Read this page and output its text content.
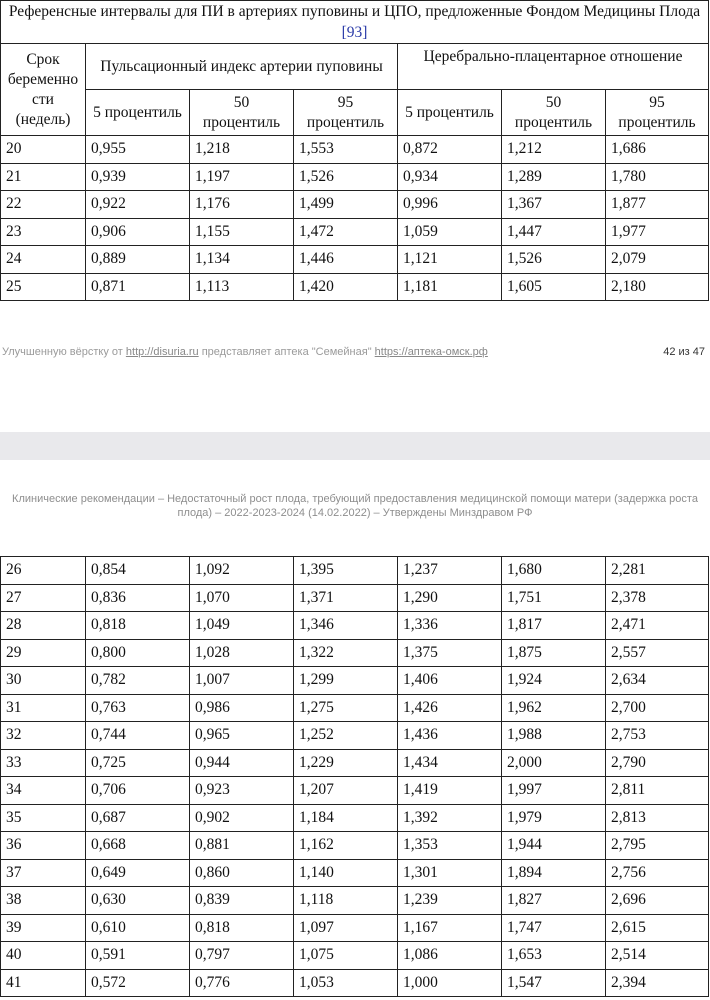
Референсные интервалы для ПИ в артериях пуповины и ЦПО, предложенные Фондом Медицины Плода [93]						
Срок
беременно
сти
(недель)	Пульсационный индекс артерии пуповины			Церебрально-плацентарное отношение		
	5 процентиль	50 процентиль	95 процентиль	5 процентиль	50 процентиль	95 процентиль
20	0,955	1,218	1,553	0,872	1,212	1,686
21	0,939	1,197	1,526	0,934	1,289	1,780
22	0,922	1,176	1,499	0,996	1,367	1,877
23	0,906	1,155	1,472	1,059	1,447	1,977
24	0,889	1,134	1,446	1,121	1,526	2,079
25	0,871	1,113	1,420	1,181	1,605	2,180
Улучшенную вёрстку от http://disuria.ru представляет аптека "Семейная" https://аптека-омск.рф	42 из 47
Клинические рекомендации – Недостаточный рост плода, требующий предоставления медицинской помощи матери (задержка роста плода) – 2022-2023-2024 (14.02.2022) – Утверждены Минздравом РФ
26	0,854	1,092	1,395	1,237	1,680	2,281
27	0,836	1,070	1,371	1,290	1,751	2,378
28	0,818	1,049	1,346	1,336	1,817	2,471
29	0,800	1,028	1,322	1,375	1,875	2,557
30	0,782	1,007	1,299	1,406	1,924	2,634
31	0,763	0,986	1,275	1,426	1,962	2,700
32	0,744	0,965	1,252	1,436	1,988	2,753
33	0,725	0,944	1,229	1,434	2,000	2,790
34	0,706	0,923	1,207	1,419	1,997	2,811
35	0,687	0,902	1,184	1,392	1,979	2,813
36	0,668	0,881	1,162	1,353	1,944	2,795
37	0,649	0,860	1,140	1,301	1,894	2,756
38	0,630	0,839	1,118	1,239	1,827	2,696
39	0,610	0,818	1,097	1,167	1,747	2,615
40	0,591	0,797	1,075	1,086	1,653	2,514
41	0,572	0,776	1,053	1,000	1,547	2,394
